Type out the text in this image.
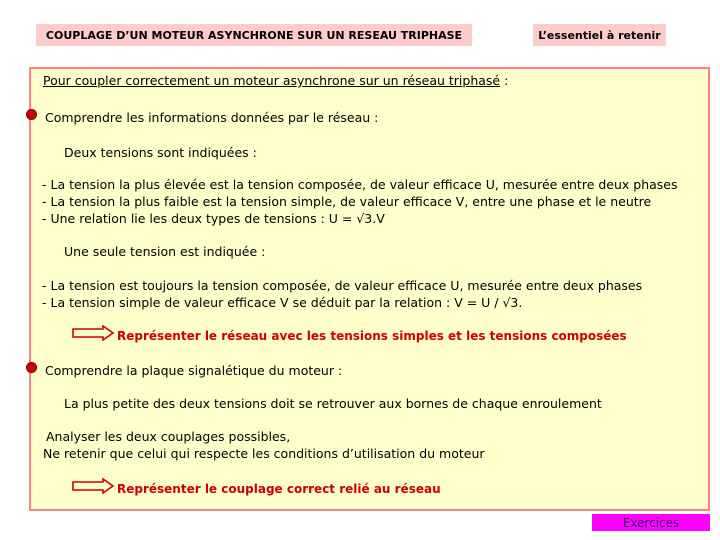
COUPLAGE D’UN MOTEUR ASYNCHRONE SUR UN RESEAU TRIPHASE	L’essentiel à retenir
Pour coupler correctement un moteur asynchrone sur un réseau triphasé :
Comprendre les informations données par le réseau :
Deux tensions sont indiquées :
- La tension la plus élevée est la tension composée, de valeur efficace U, mesurée entre deux phases
- La tension la plus faible est la tension simple, de valeur efficace V, entre une phase et le neutre
- Une relation lie les deux types de tensions : U = √3.V
Une seule tension est indiquée :
- La tension est toujours la tension composée, de valeur efficace U, mesurée entre deux phases
- La tension simple de valeur efficace V se déduit par la relation : V = U / √3.
Représenter le réseau avec les tensions simples et les tensions composées
Comprendre la plaque signalétique du moteur :
La plus petite des deux tensions doit se retrouver aux bornes de chaque enroulement
Analyser les deux couplages possibles,
Ne retenir que celui qui respecte les conditions d’utilisation du moteur
Représenter le couplage correct relié au réseau
Exercices
